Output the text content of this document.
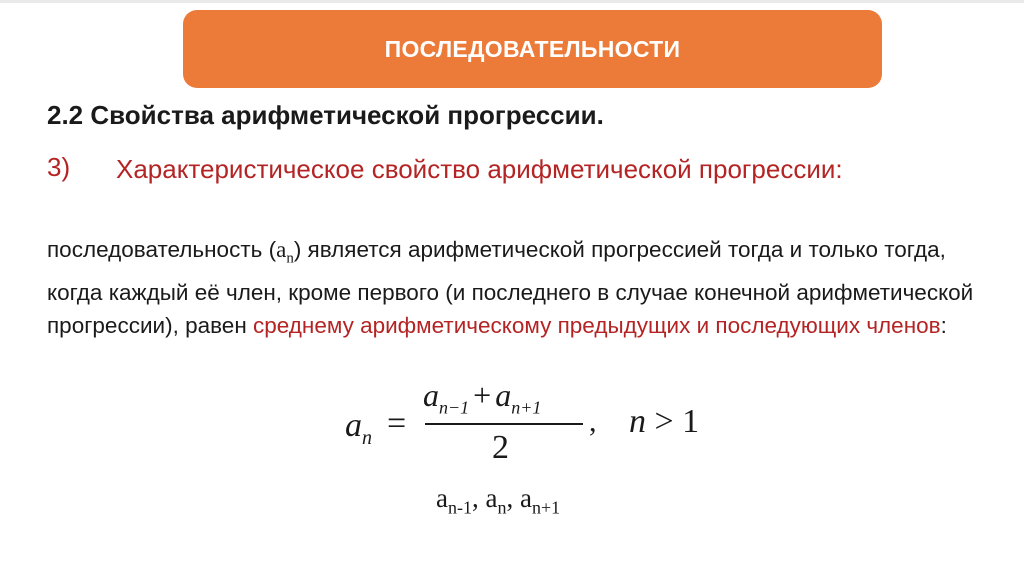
ПОСЛЕДОВАТЕЛЬНОСТИ
2.2 Свойства арифметической прогрессии.
3) Характеристическое свойство арифметической прогрессии:
последовательность $(a_n)$ является арифметической прогрессией тогда и только тогда, когда каждый её член, кроме первого (и последнего в случае конечной арифметической прогрессии), равен среднему арифметическому предыдущих и последующих членов:
$a_n$ =
$a_{n-1} + a_{n+1}$
2
, n > 1
$a_{n-1}$, $a_n$, $a_{n+1}$
